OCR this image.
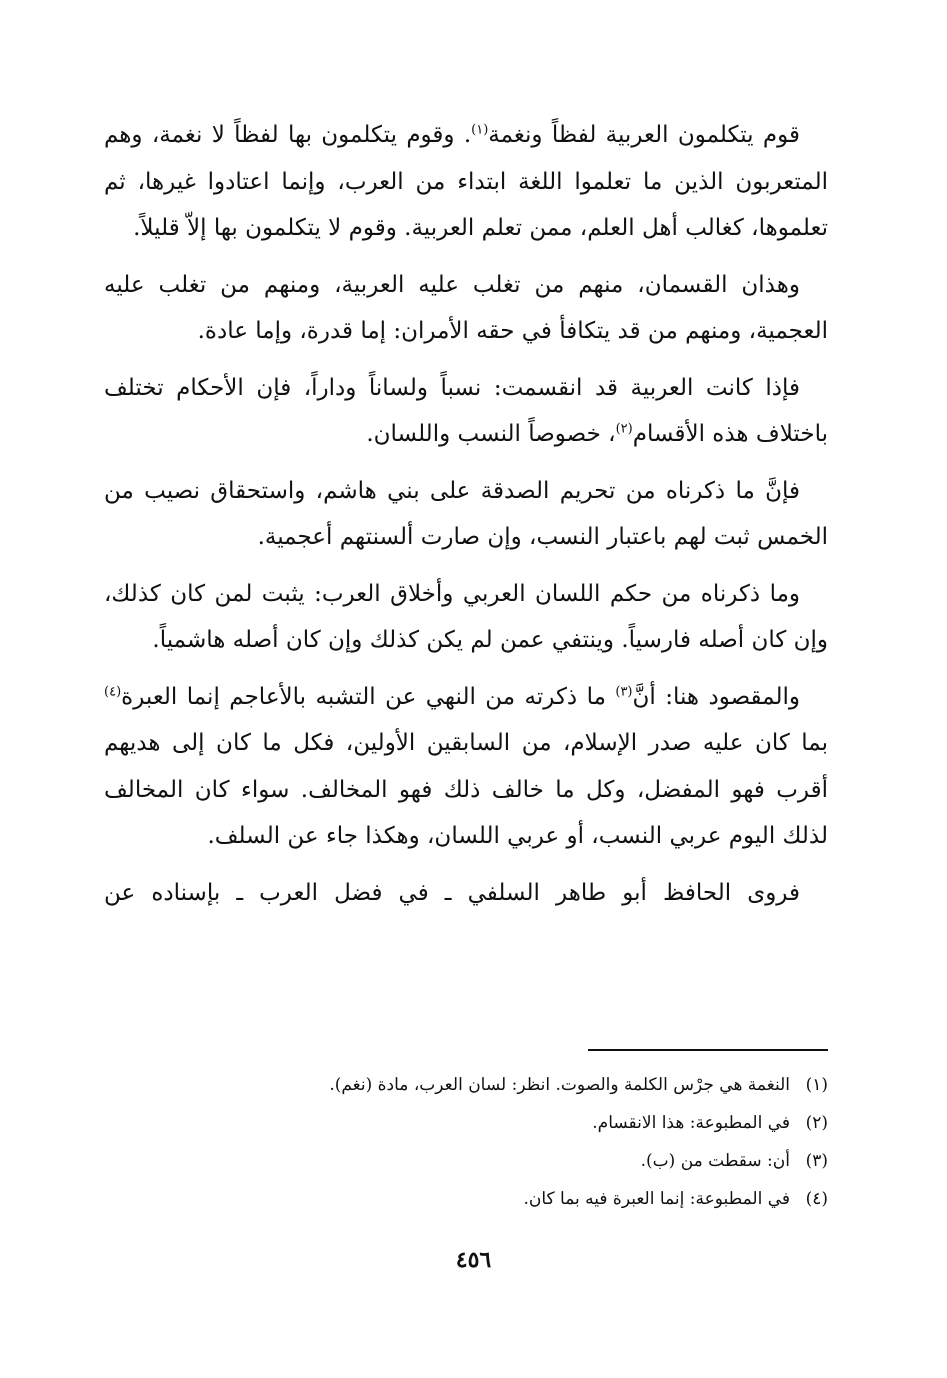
قوم يتكلمون العربية لفظاً ونغمة$^{(١)}$. وقوم يتكلمون بها لفظاً لا نغمة، وهم المتعربون الذين ما تعلموا اللغة ابتداء من العرب، وإنما اعتادوا غيرها، ثم تعلموها، كغالب أهل العلم، ممن تعلم العربية. وقوم لا يتكلمون بها إلاّ قليلاً.

وهذان القسمان، منهم من تغلب عليه العربية، ومنهم من تغلب عليه العجمية، ومنهم من قد يتكافأ في حقه الأمران: إما قدرة، وإما عادة.

فإذا كانت العربية قد انقسمت: نسباً ولساناً وداراً، فإن الأحكام تختلف باختلاف هذه الأقسام$^{(٢)}$، خصوصاً النسب واللسان.

فإنَّ ما ذكرناه من تحريم الصدقة على بني هاشم، واستحقاق نصيب من الخمس ثبت لهم باعتبار النسب، وإن صارت ألسنتهم أعجمية.

وما ذكرناه من حكم اللسان العربي وأخلاق العرب: يثبت لمن كان كذلك، وإن كان أصله فارسياً. وينتفي عمن لم يكن كذلك وإن كان أصله هاشمياً.

والمقصود هنا: أنَّ$^{(٣)}$ ما ذكرته من النهي عن التشبه بالأعاجم إنما العبرة$^{(٤)}$ بما كان عليه صدر الإسلام، من السابقين الأولين، فكل ما كان إلى هديهم أقرب فهو المفضل، وكل ما خالف ذلك فهو المخالف. سواء كان المخالف لذلك اليوم عربي النسب، أو عربي اللسان، وهكذا جاء عن السلف.

فروى الحافظ أبو طاهر السلفي ـ في فضل العرب ـ بإسناده عن

(١)النغمة هي جرْس الكلمة والصوت. انظر: لسان العرب، مادة (نغم).
(٢)في المطبوعة: هذا الانقسام.
(٣)أن: سقطت من (ب).
(٤)في المطبوعة: إنما العبرة فيه بما كان.
٤٥٦
